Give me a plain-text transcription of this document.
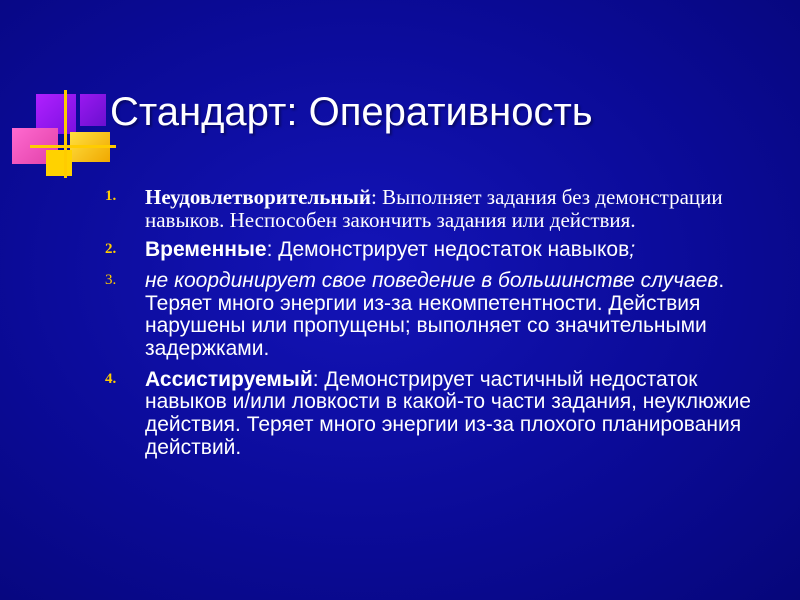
Стандарт: Оперативность
1. Неудовлетворительный: Выполняет задания без демонстрации навыков. Неспособен закончить задания или действия.
2. Временные: Демонстрирует недостаток навыков;
3. не координирует свое поведение в большинстве случаев. Теряет много энергии из-за некомпетентности. Действия нарушены или пропущены; выполняет со значительными задержками.
4. Ассистируемый: Демонстрирует частичный недостаток навыков и/или ловкости в какой-то части задания, неуклюжие действия. Теряет много энергии из-за плохого планирования действий.
